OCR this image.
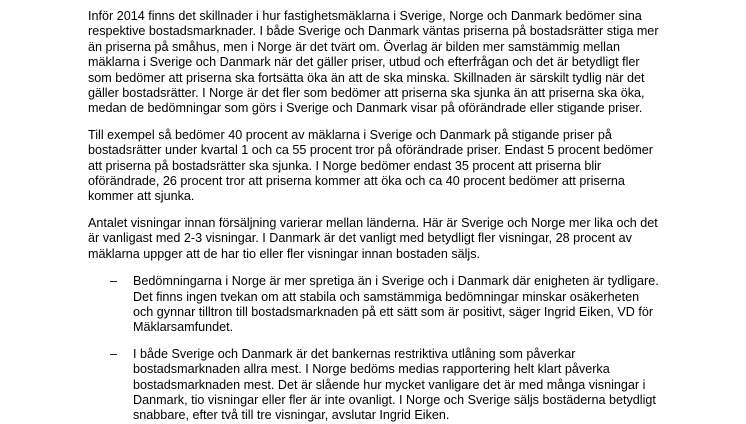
Inför 2014 finns det skillnader i hur fastighetsmäklarna i Sverige, Norge och Danmark bedömer sina
respektive bostadsmarknader. I både Sverige och Danmark väntas priserna på bostadsrätter stiga mer
än priserna på småhus, men i Norge är det tvärt om. Överlag är bilden mer samstämmig mellan
mäklarna i Sverige och Danmark när det gäller priser, utbud och efterfrågan och det är betydligt fler
som bedömer att priserna ska fortsätta öka än att de ska minska. Skillnaden är särskilt tydlig när det
gäller bostadsrätter. I Norge är det fler som bedömer att priserna ska sjunka än att priserna ska öka,
medan de bedömningar som görs i Sverige och Danmark visar på oförändrade eller stigande priser.

Till exempel så bedömer 40 procent av mäklarna i Sverige och Danmark på stigande priser på
bostadsrätter under kvartal 1 och ca 55 procent tror på oförändrade priser. Endast 5 procent bedömer
att priserna på bostadsrätter ska sjunka. I Norge bedömer endast 35 procent att priserna blir
oförändrade, 26 procent tror att priserna kommer att öka och ca 40 procent bedömer att priserna
kommer att sjunka.

Antalet visningar innan försäljning varierar mellan länderna. Här är Sverige och Norge mer lika och det
är vanligast med 2-3 visningar. I Danmark är det vanligt med betydligt fler visningar, 28 procent av
mäklarna uppger att de har tio eller fler visningar innan bostaden säljs.

– Bedömningarna i Norge är mer spretiga än i Sverige och i Danmark där enigheten är tydligare.
Det finns ingen tvekan om att stabila och samstämmiga bedömningar minskar osäkerheten
och gynnar tilltron till bostadsmarknaden på ett sätt som är positivt, säger Ingrid Eiken, VD för
Mäklarsamfundet.

– I både Sverige och Danmark är det bankernas restriktiva utlåning som påverkar
bostadsmarknaden allra mest. I Norge bedöms medias rapportering helt klart påverka
bostadsmarknaden mest. Det är slående hur mycket vanligare det är med många visningar i
Danmark, tio visningar eller fler är inte ovanligt. I Norge och Sverige säljs bostäderna betydligt
snabbare, efter två till tre visningar, avslutar Ingrid Eiken.
